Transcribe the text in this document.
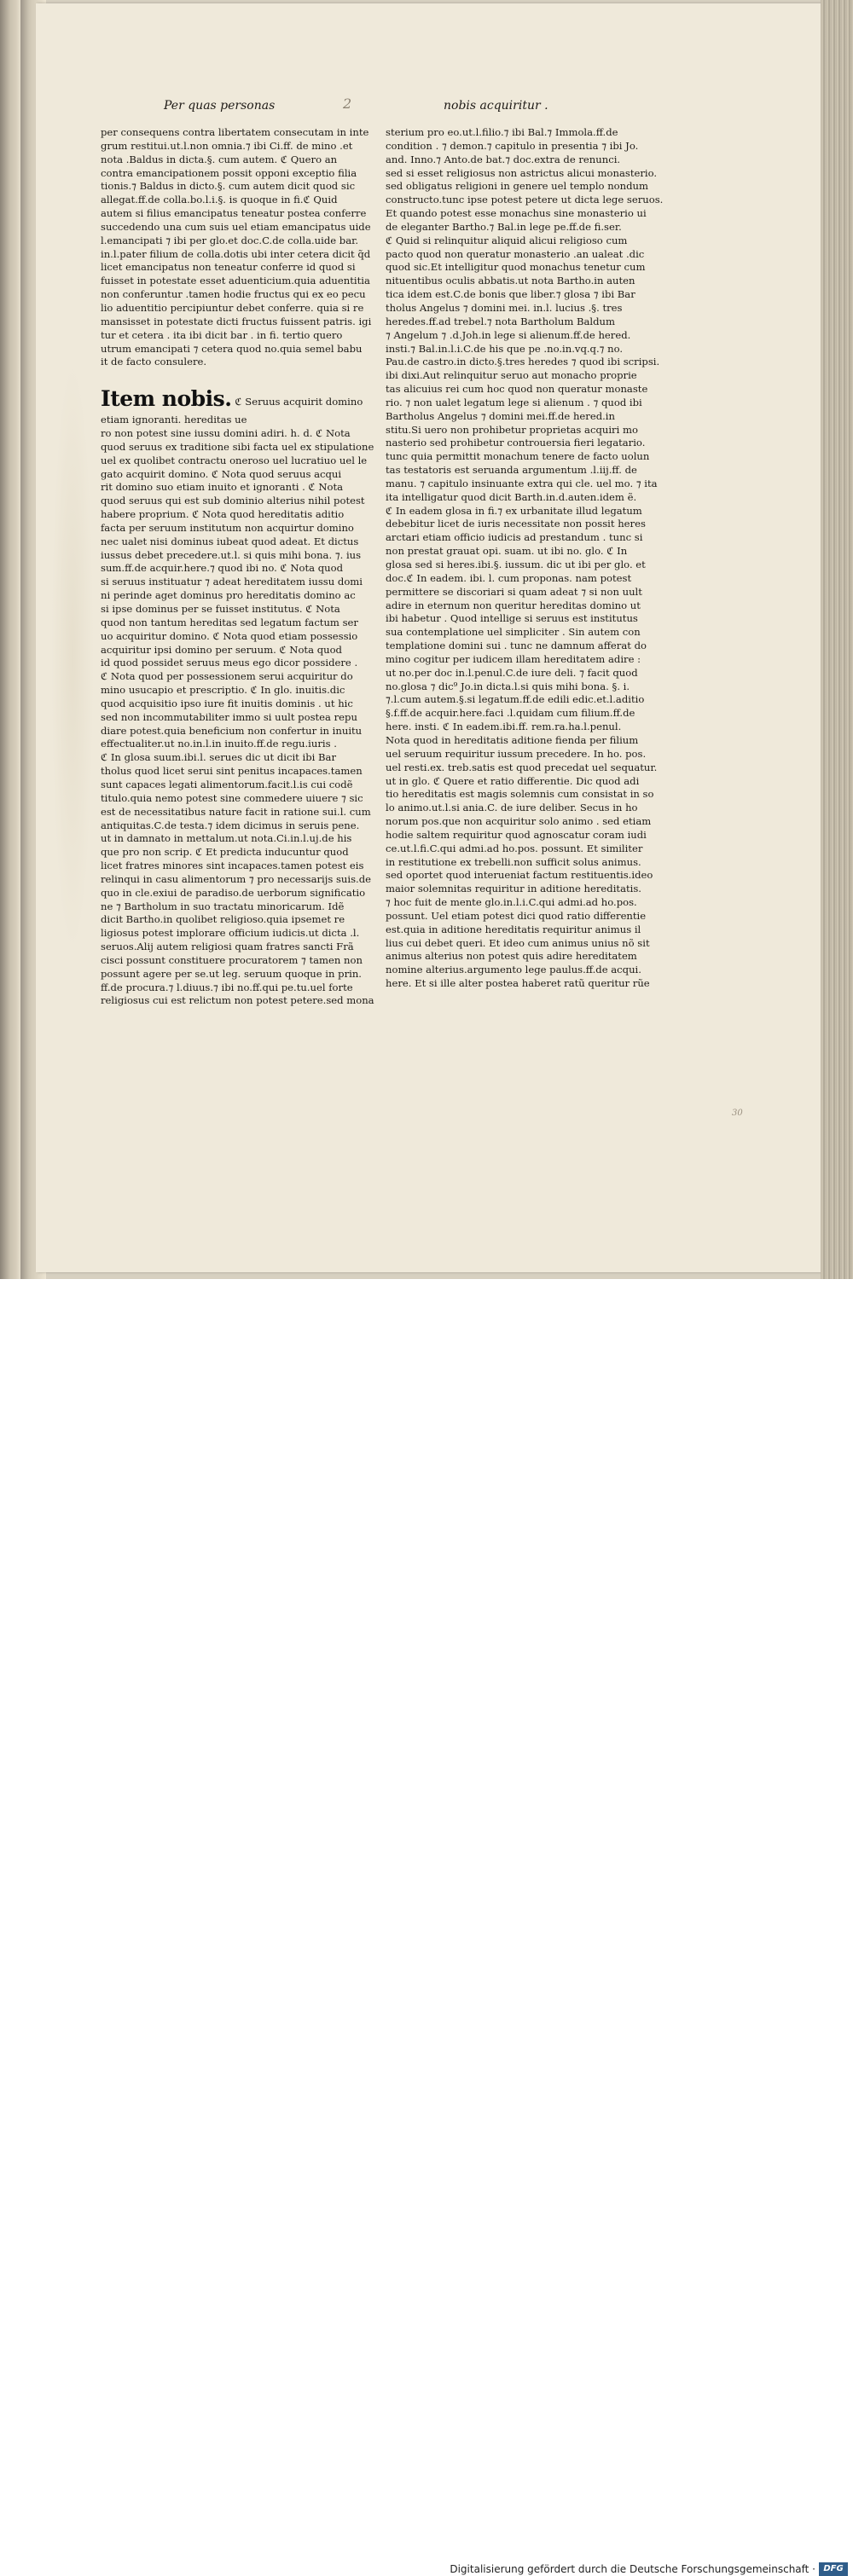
Per quas personas	2	nobis acquiritur .
per consequens contra libertatem consecutam in inte
grum restitui.ut.l.non omnia.⁊ ibi Ci.ff. de mino .et
nota .Baldus in dicta.§. cum autem. ℭ Quero an
contra emancipationem possit opponi exceptio filia
tionis.⁊ Baldus in dicto.§. cum autem dicit quod sic
allegat.ff.de colla.bo.l.i.§. is quoque in fi.ℭ Quid
autem si filius emancipatus teneatur postea conferre
succedendo una cum suis uel etiam emancipatus uide
l.emancipati ⁊ ibi per glo.et doc.C.de colla.uide bar.
in.l.pater filium de colla.dotis ubi inter cetera dicit q̃d
licet emancipatus non teneatur conferre id quod si
fuisset in potestate esset aduenticium.quia aduentitia
non conferuntur .tamen hodie fructus qui ex eo pecu
lio aduentitio percipiuntur debet conferre. quia si re
mansisset in potestate dicti fructus fuissent patris. igi
tur et cetera . ita ibi dicit bar . in fi. tertio quero
utrum emancipati ⁊ cetera quod no.quia semel babu
it de facto consulere.
Item nobis. ℭ Seruus acquirit domino
etiam ignoranti. hereditas ue
ro non potest sine iussu domini adiri. h. d. ℭ Nota
quod seruus ex traditione sibi facta uel ex stipulatione
uel ex quolibet contractu oneroso uel lucratiuo uel le
gato acquirit domino. ℭ Nota quod seruus acqui
rit domino suo etiam inuito et ignoranti . ℭ Nota
quod seruus qui est sub dominio alterius nihil potest
habere proprium. ℭ Nota quod hereditatis aditio
facta per seruum institutum non acquirtur domino
nec ualet nisi dominus iubeat quod adeat. Et dictus
iussus debet precedere.ut.l. si quis mihi bona. ⁊. ius
sum.ff.de acquir.here.⁊ quod ibi no. ℭ Nota quod
si seruus instituatur ⁊ adeat hereditatem iussu domi
ni perinde aget dominus pro hereditatis domino ac
si ipse dominus per se fuisset institutus. ℭ Nota
quod non tantum hereditas sed legatum factum ser
uo acquiritur domino. ℭ Nota quod etiam possessio
acquiritur ipsi domino per seruum. ℭ Nota quod
id quod possidet seruus meus ego dicor possidere .
ℭ Nota quod per possessionem serui acquiritur do
mino usucapio et prescriptio. ℭ In glo. inuitis.dic
quod acquisitio ipso iure fit inuitis dominis . ut hic
sed non incommutabiliter immo si uult postea repu
diare potest.quia beneficium non confertur in inuitu
effectualiter.ut no.in.l.in inuito.ff.de regu.iuris .
ℭ In glosa suum.ibi.l. serues dic ut dicit ibi Bar
tholus quod licet serui sint penitus incapaces.tamen
sunt capaces legati alimentorum.facit.l.is cui codẽ
titulo.quia nemo potest sine commedere uiuere ⁊ sic
est de necessitatibus nature facit in ratione sui.l. cum
antiquitas.C.de testa.⁊ idem dicimus in seruis pene.
ut in damnato in mettalum.ut nota.Ci.in.l.uj.de his
que pro non scrip. ℭ Et predicta inducuntur quod
licet fratres minores sint incapaces.tamen potest eis
relinqui in casu alimentorum ⁊ pro necessarijs suis.de
quo in cle.exiui de paradiso.de uerborum significatio
ne ⁊ Bartholum in suo tractatu minoricarum. Idẽ
dicit Bartho.in quolibet religioso.quia ipsemet re
ligiosus potest implorare officium iudicis.ut dicta .l.
seruos.Alij autem religiosi quam fratres sancti Frã
cisci possunt constituere procuratorem ⁊ tamen non
possunt agere per se.ut leg. seruum quoque in prin.
ff.de procura.⁊ l.diuus.⁊ ibi no.ff.qui pe.tu.uel forte
religiosus cui est relictum non potest petere.sed mona
sterium pro eo.ut.l.filio.⁊ ibi Bal.⁊ Immola.ff.de
condition . ⁊ demon.⁊ capitulo in presentia ⁊ ibi Jo.
and. Inno.⁊ Anto.de bat.⁊ doc.extra de renunci.
sed si esset religiosus non astrictus alicui monasterio.
sed obligatus religioni in genere uel templo nondum
constructo.tunc ipse potest petere ut dicta lege seruos.
Et quando potest esse monachus sine monasterio ui
de eleganter Bartho.⁊ Bal.in lege pe.ff.de fi.ser.
ℭ Quid si relinquitur aliquid alicui religioso cum
pacto quod non queratur monasterio .an ualeat .dic
quod sic.Et intelligitur quod monachus tenetur cum
nituentibus oculis abbatis.ut nota Bartho.in auten
tica idem est.C.de bonis que liber.⁊ glosa ⁊ ibi Bar
tholus Angelus ⁊ domini mei. in.l. lucius .§. tres
heredes.ff.ad trebel.⁊ nota Bartholum Baldum
⁊ Angelum ⁊ .d.Joh.in lege si alienum.ff.de hered.
insti.⁊ Bal.in.l.i.C.de his que pe .no.in.vq.q.⁊ no.
Pau.de castro.in dicto.§.tres heredes ⁊ quod ibi scripsi.
ibi dixi.Aut relinquitur seruo aut monacho proprie
tas alicuius rei cum hoc quod non queratur monaste
rio. ⁊ non ualet legatum lege si alienum . ⁊ quod ibi
Bartholus Angelus ⁊ domini mei.ff.de hered.in
stitu.Si uero non prohibetur proprietas acquiri mo
nasterio sed prohibetur controuersia fieri legatario.
tunc quia permittit monachum tenere de facto uolun
tas testatoris est seruanda argumentum .l.iij.ff. de
manu. ⁊ capitulo insinuante extra qui cle. uel mo. ⁊ ita
ita intelligatur quod dicit Barth.in.d.auten.idem ẽ.
ℭ In eadem glosa in fi.⁊ ex urbanitate illud legatum
debebitur licet de iuris necessitate non possit heres
arctari etiam officio iudicis ad prestandum . tunc si
non prestat grauat opi. suam. ut ibi no. glo. ℭ In
glosa sed si heres.ibi.§. iussum. dic ut ibi per glo. et
doc.ℭ In eadem. ibi. l. cum proponas. nam potest
permittere se discoriari si quam adeat ⁊ si non uult
adire in eternum non queritur hereditas domino ut
ibi habetur . Quod intellige si seruus est institutus
sua contemplatione uel simpliciter . Sin autem con
templatione domini sui . tunc ne damnum afferat do
mino cogitur per iudicem illam hereditatem adire :
ut no.per doc in.l.penul.C.de iure deli. ⁊ facit quod
no.glosa ⁊ dic⁹ Jo.in dicta.l.si quis mihi bona. §. i.
⁊.l.cum autem.§.si legatum.ff.de edili edic.et.l.aditio
§.f.ff.de acquir.here.faci .l.quidam cum filium.ff.de
here. insti. ℭ In eadem.ibi.ff. rem.ra.ha.l.penul.
Nota quod in hereditatis aditione fienda per filium
uel seruum requiritur iussum precedere. In ho. pos.
uel resti.ex. treb.satis est quod precedat uel sequatur.
ut in glo. ℭ Quere et ratio differentie. Dic quod adi
tio hereditatis est magis solemnis cum consistat in so
lo animo.ut.l.si ania.C. de iure deliber. Secus in ho
norum pos.que non acquiritur solo animo . sed etiam
hodie saltem requiritur quod agnoscatur coram iudi
ce.ut.l.fi.C.qui admi.ad ho.pos. possunt. Et similiter
in restitutione ex trebelli.non sufficit solus animus.
sed oportet quod interueniat factum restituentis.ideo
maior solemnitas requiritur in aditione hereditatis.
⁊ hoc fuit de mente glo.in.l.i.C.qui admi.ad ho.pos.
possunt. Uel etiam potest dici quod ratio differentie
est.quia in aditione hereditatis requiritur animus il
lius cui debet queri. Et ideo cum animus unius nõ sit
animus alterius non potest quis adire hereditatem
nomine alterius.argumento lege paulus.ff.de acqui.
here. Et si ille alter postea haberet ratũ queritur rũe
30
Digitalisierung gefördert durch die Deutsche Forschungsgemeinschaft · DFG
